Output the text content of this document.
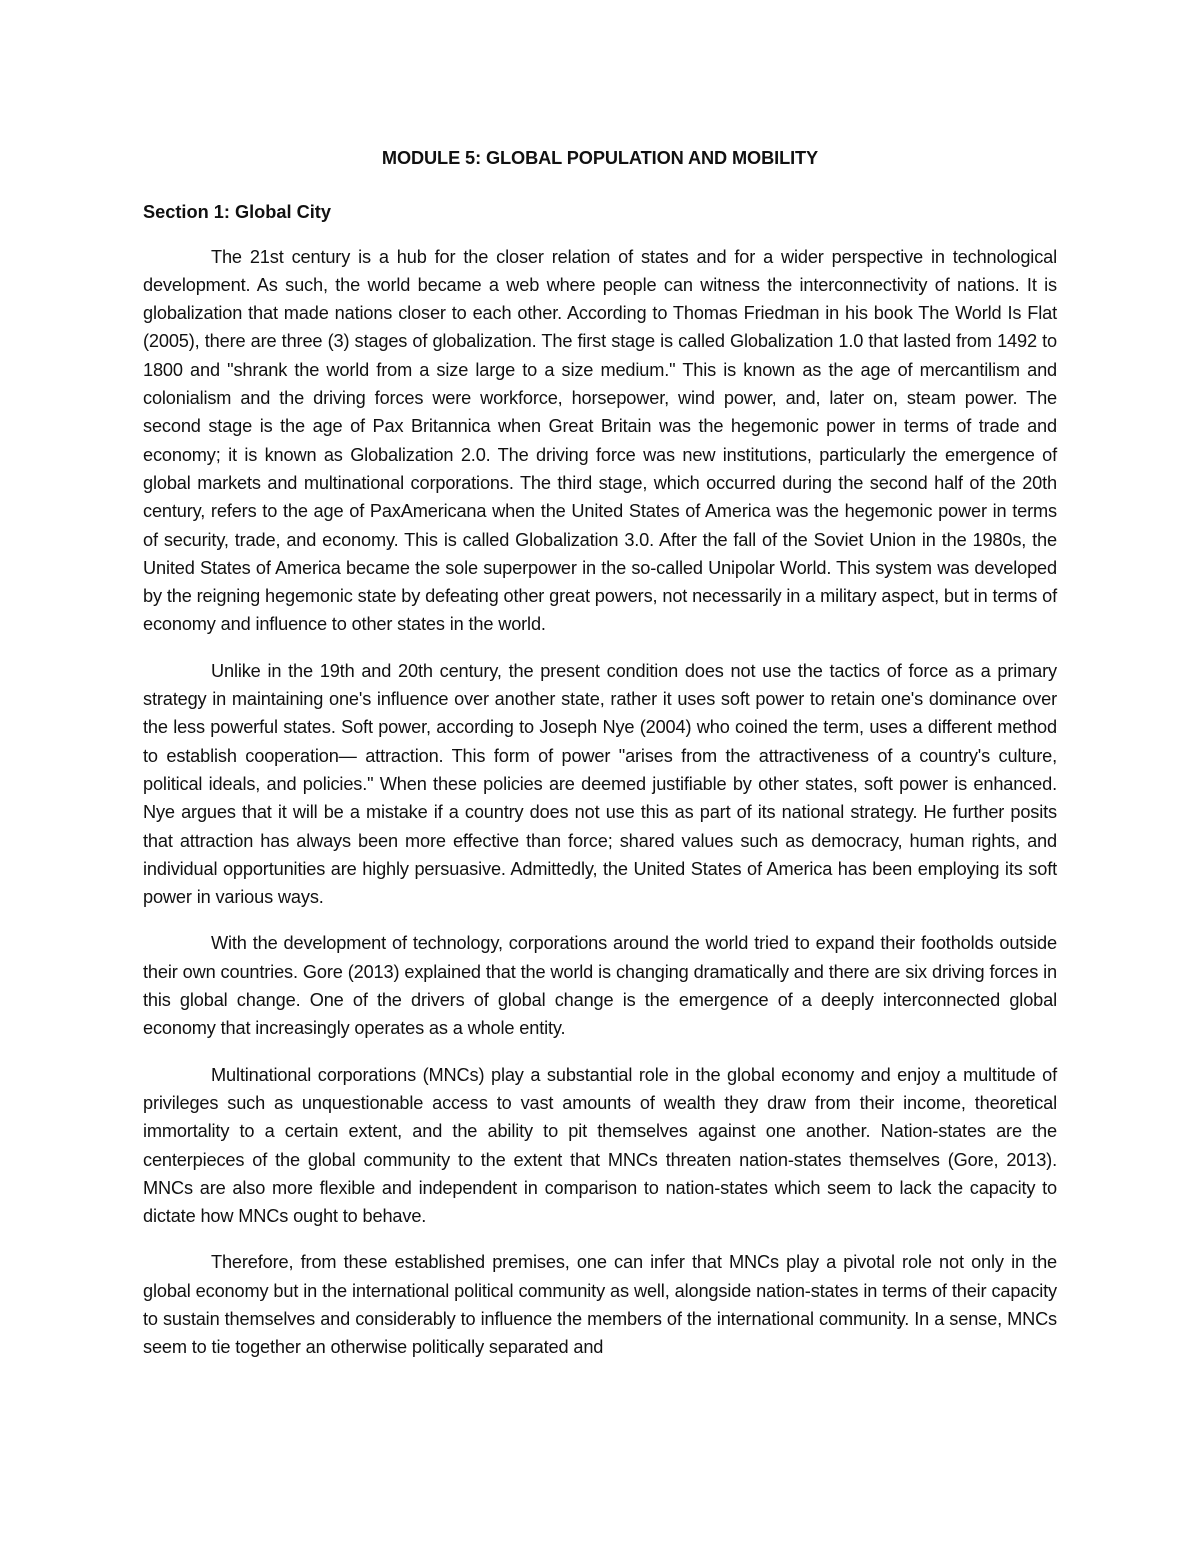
MODULE 5: GLOBAL POPULATION AND MOBILITY
Section 1: Global City

The 21st century is a hub for the closer relation of states and for a wider perspective in technological development. As such, the world became a web where people can witness the interconnectivity of nations. It is globalization that made nations closer to each other. According to Thomas Friedman in his book The World Is Flat (2005), there are three (3) stages of globalization. The first stage is called Globalization 1.0 that lasted from 1492 to 1800 and "shrank the world from a size large to a size medium." This is known as the age of mercantilism and colonialism and the driving forces were workforce, horsepower, wind power, and, later on, steam power. The second stage is the age of Pax Britannica when Great Britain was the hegemonic power in terms of trade and economy; it is known as Globalization 2.0. The driving force was new institutions, particularly the emergence of global markets and multinational corporations. The third stage, which occurred during the second half of the 20th century, refers to the age of PaxAmericana when the United States of America was the hegemonic power in terms of security, trade, and economy. This is called Globalization 3.0. After the fall of the Soviet Union in the 1980s, the United States of America became the sole superpower in the so-called Unipolar World. This system was developed by the reigning hegemonic state by defeating other great powers, not necessarily in a military aspect, but in terms of economy and influence to other states in the world.

Unlike in the 19th and 20th century, the present condition does not use the tactics of force as a primary strategy in maintaining one's influence over another state, rather it uses soft power to retain one's dominance over the less powerful states. Soft power, according to Joseph Nye (2004) who coined the term, uses a different method to establish cooperation— attraction. This form of power "arises from the attractiveness of a country's culture, political ideals, and policies." When these policies are deemed justifiable by other states, soft power is enhanced. Nye argues that it will be a mistake if a country does not use this as part of its national strategy. He further posits that attraction has always been more effective than force; shared values such as democracy, human rights, and individual opportunities are highly persuasive. Admittedly, the United States of America has been employing its soft power in various ways.

With the development of technology, corporations around the world tried to expand their footholds outside their own countries. Gore (2013) explained that the world is changing dramatically and there are six driving forces in this global change. One of the drivers of global change is the emergence of a deeply interconnected global economy that increasingly operates as a whole entity.

Multinational corporations (MNCs) play a substantial role in the global economy and enjoy a multitude of privileges such as unquestionable access to vast amounts of wealth they draw from their income, theoretical immortality to a certain extent, and the ability to pit themselves against one another. Nation-states are the centerpieces of the global community to the extent that MNCs threaten nation-states themselves (Gore, 2013). MNCs are also more flexible and independent in comparison to nation-states which seem to lack the capacity to dictate how MNCs ought to behave.

Therefore, from these established premises, one can infer that MNCs play a pivotal role not only in the global economy but in the international political community as well, alongside nation-states in terms of their capacity to sustain themselves and considerably to influence the members of the international community. In a sense, MNCs seem to tie together an otherwise politically separated and
